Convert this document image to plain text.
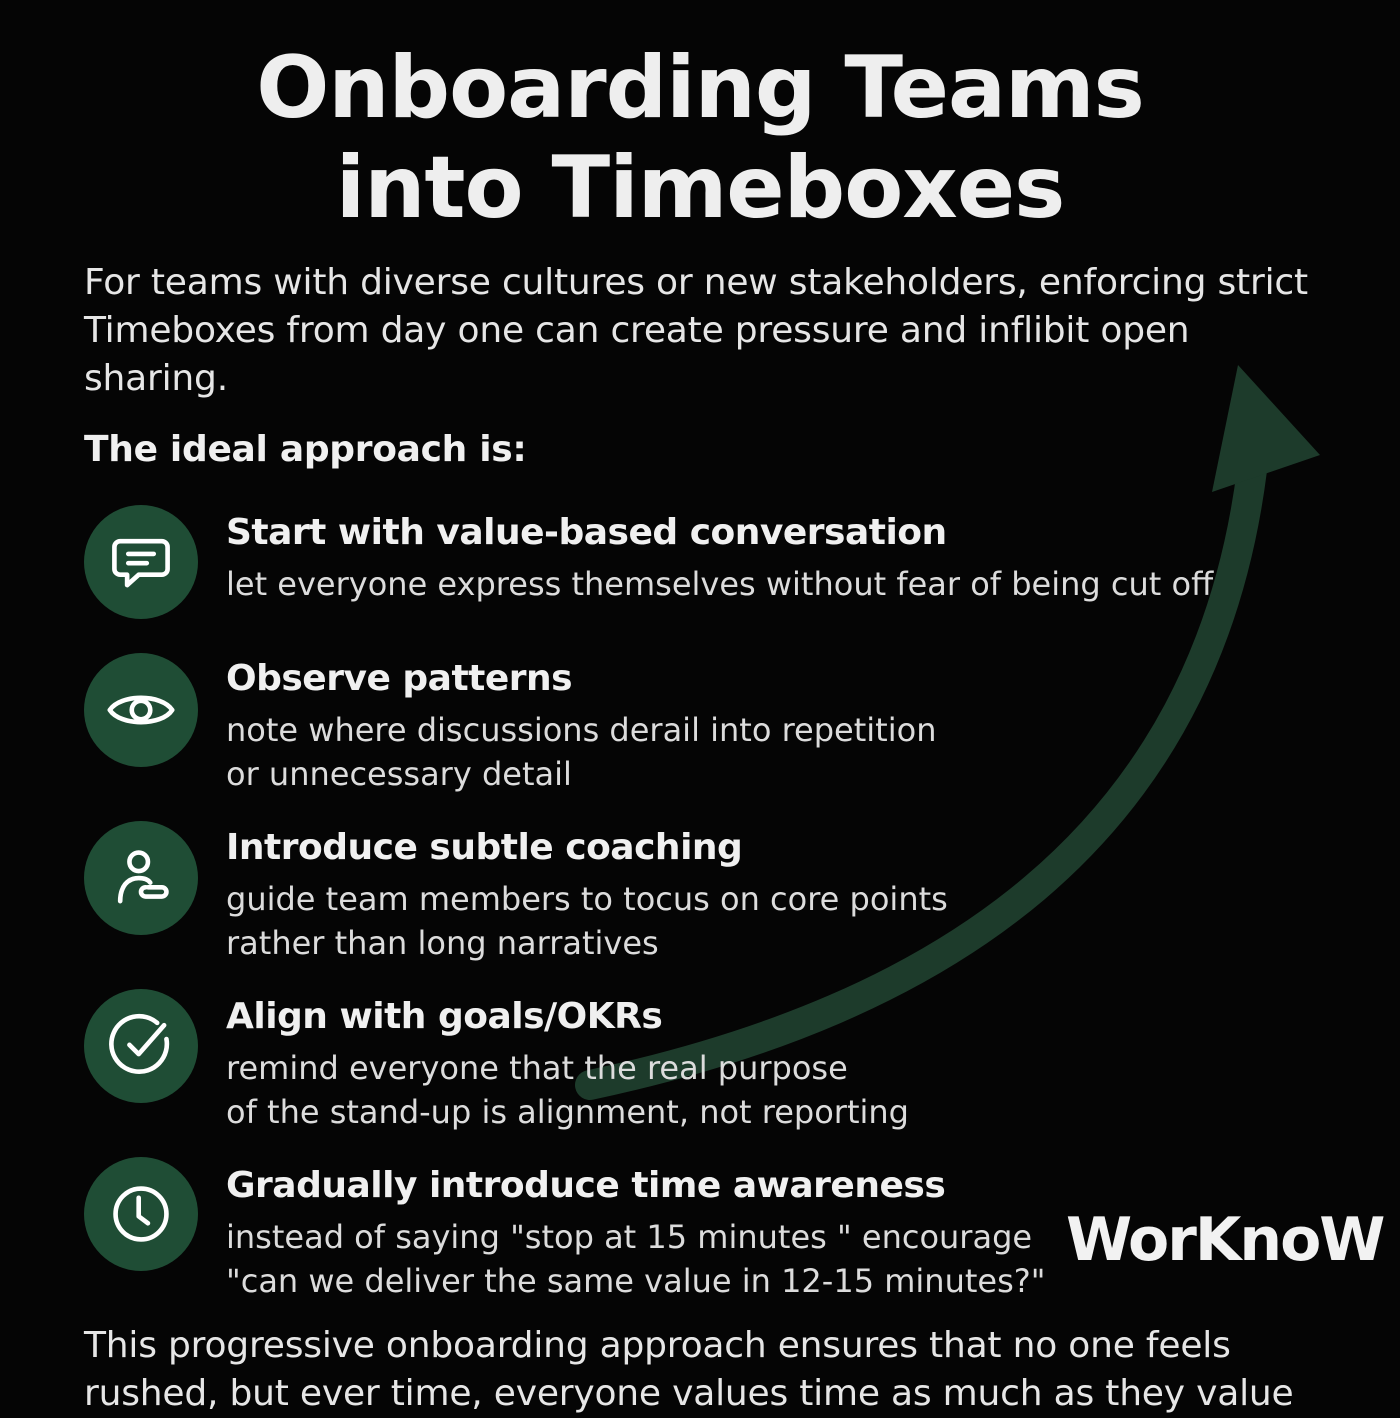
Onboarding Teams
into Timeboxes

For teams with diverse cultures or new stakeholders, enforcing strict Timeboxes from day one can create pressure and inflibit open sharing.

The ideal approach is:

Start with value-based conversation
let everyone express themselves without fear of being cut off
Observe patterns
note where discussions derail into repetition
or unnecessary detail
Introduce subtle coaching
guide team members to tocus on core points
rather than long narratives
Align with goals/OKRs
remind everyone that the real purpose
of the stand-up is alignment, not reporting
Gradually introduce time awareness
instead of saying "stop at 15 minutes " encourage
"can we deliver the same value in 12-15 minutes?"
WorKnoW

This progressive onboarding approach ensures that no one feels
rushed, but ever time, everyone values time as much as they value
